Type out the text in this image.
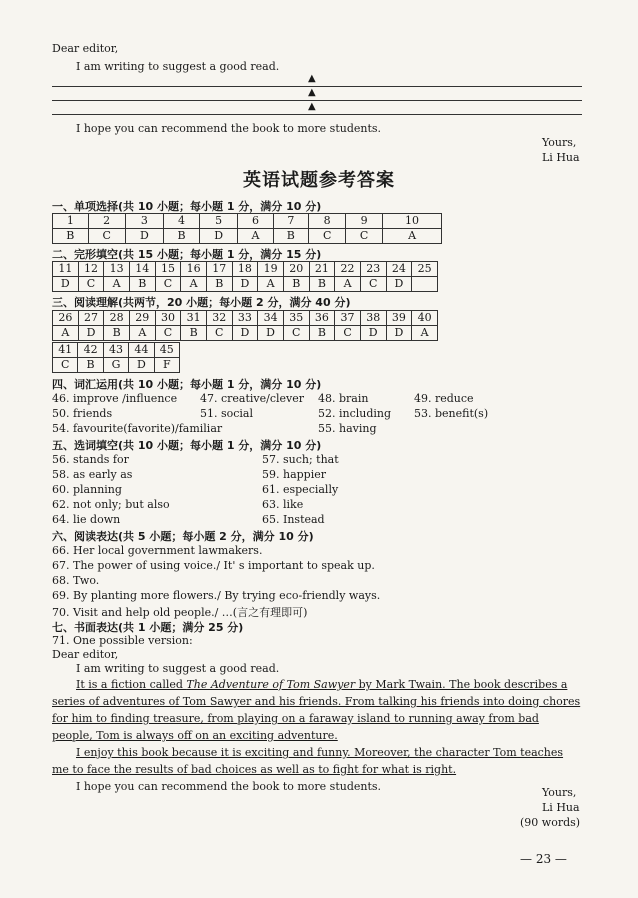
Dear editor,
I am writing to suggest a good read.
▲
▲
▲
I hope you can recommend the book to more students.
Yours,
Li Hua
英语试题参考答案
一、单项选择(共 10 小题；每小题 1 分，满分 10 分)
1	2	3	4	5	6	7	8	9	10
B	C	D	B	D	A	B	C	C	A
二、完形填空(共 15 小题；每小题 1 分，满分 15 分)
11	12	13	14	15	16	17	18	19	20	21	22	23	24	25
D	C	A	B	C	A	B	D	A	B	B	A	C	D	
三、阅读理解(共两节，20 小题；每小题 2 分，满分 40 分)
26	27	28	29	30	31	32	33	34	35	36	37	38	39	40
A	D	B	A	C	B	C	D	D	C	B	C	D	D	A
41	42	43	44	45
C	B	G	D	F
四、词汇运用(共 10 小题；每小题 1 分，满分 10 分)
46. improve /influence 47. creative/clever 48. brain	49. reduce
50. friends	51. social	52. including 53. benefit(s)
54. favourite(favorite)/familiar	55. having
五、选词填空(共 10 小题；每小题 1 分，满分 10 分)
56. stands for	57. such; that
58. as early as	59. happier
60. planning	61. especially
62. not only; but also	63. like
64. lie down	65. Instead
六、阅读表达(共 5 小题；每小题 2 分，满分 10 分)
66. Her local government lawmakers.
67. The power of using voice./ It' s important to speak up.
68. Two.
69. By planting more flowers./ By trying eco-friendly ways.
70. Visit and help old people./ …(言之有理即可)
七、书面表达(共 1 小题；满分 25 分)
71. One possible version:
Dear editor,
I am writing to suggest a good read.

It is a fiction called The Adventure of Tom Sawyer by Mark Twain. The book describes a series of adventures of Tom Sawyer and his friends. From talking his friends into doing chores for him to finding treasure, from playing on a faraway island to running away from bad people, Tom is always off on an exciting adventure.

I enjoy this book because it is exciting and funny. Moreover, the character Tom teaches me to face the results of bad choices as well as to fight for what is right.

I hope you can recommend the book to more students.	Yours,
Li Hua
(90 words)
— 23 —
